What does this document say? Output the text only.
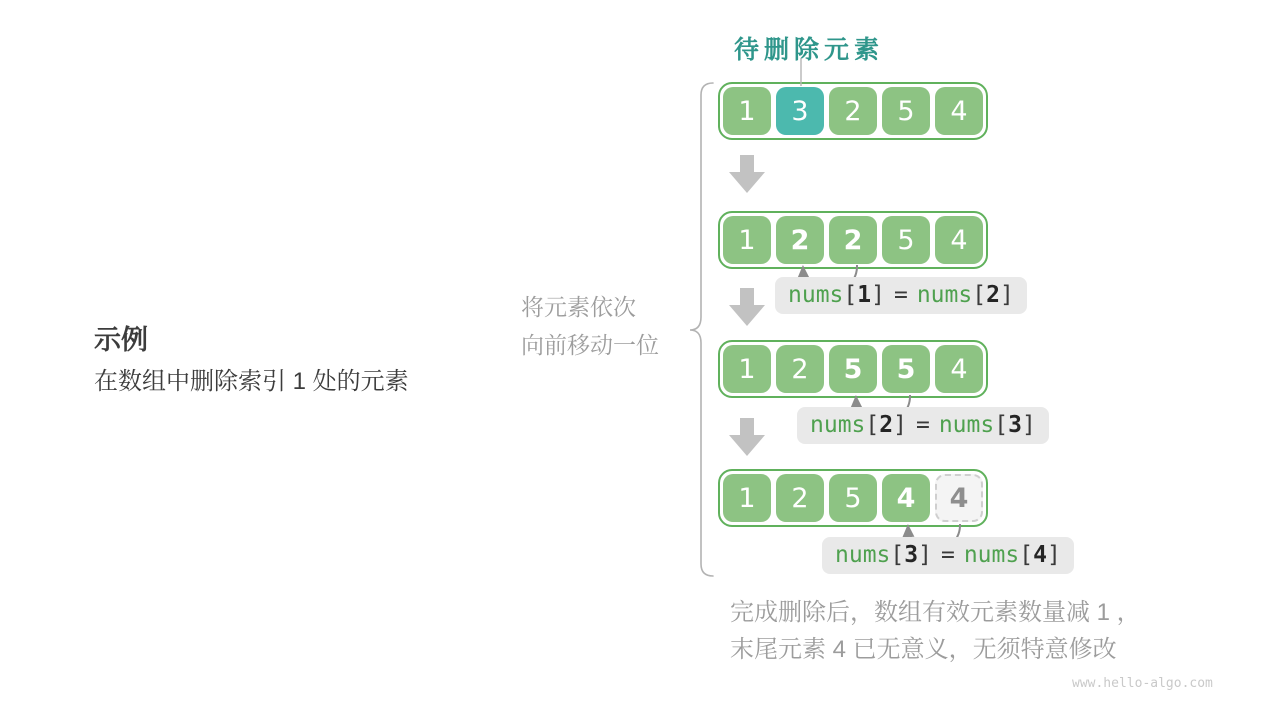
待删除元素
1	3	2	5	4
1	2	2	5	4
1	2	5	5	4
1	2	5	4	4
nums[1] = nums[2]
nums[2] = nums[3]
nums[3] = nums[4]
示例
在数组中删除索引 1 处的元素
将元素依次
向前移动一位
完成删除后，数组有效元素数量减 1 ，
末尾元素 4 已无意义，无须特意修改
www.hello-algo.com
